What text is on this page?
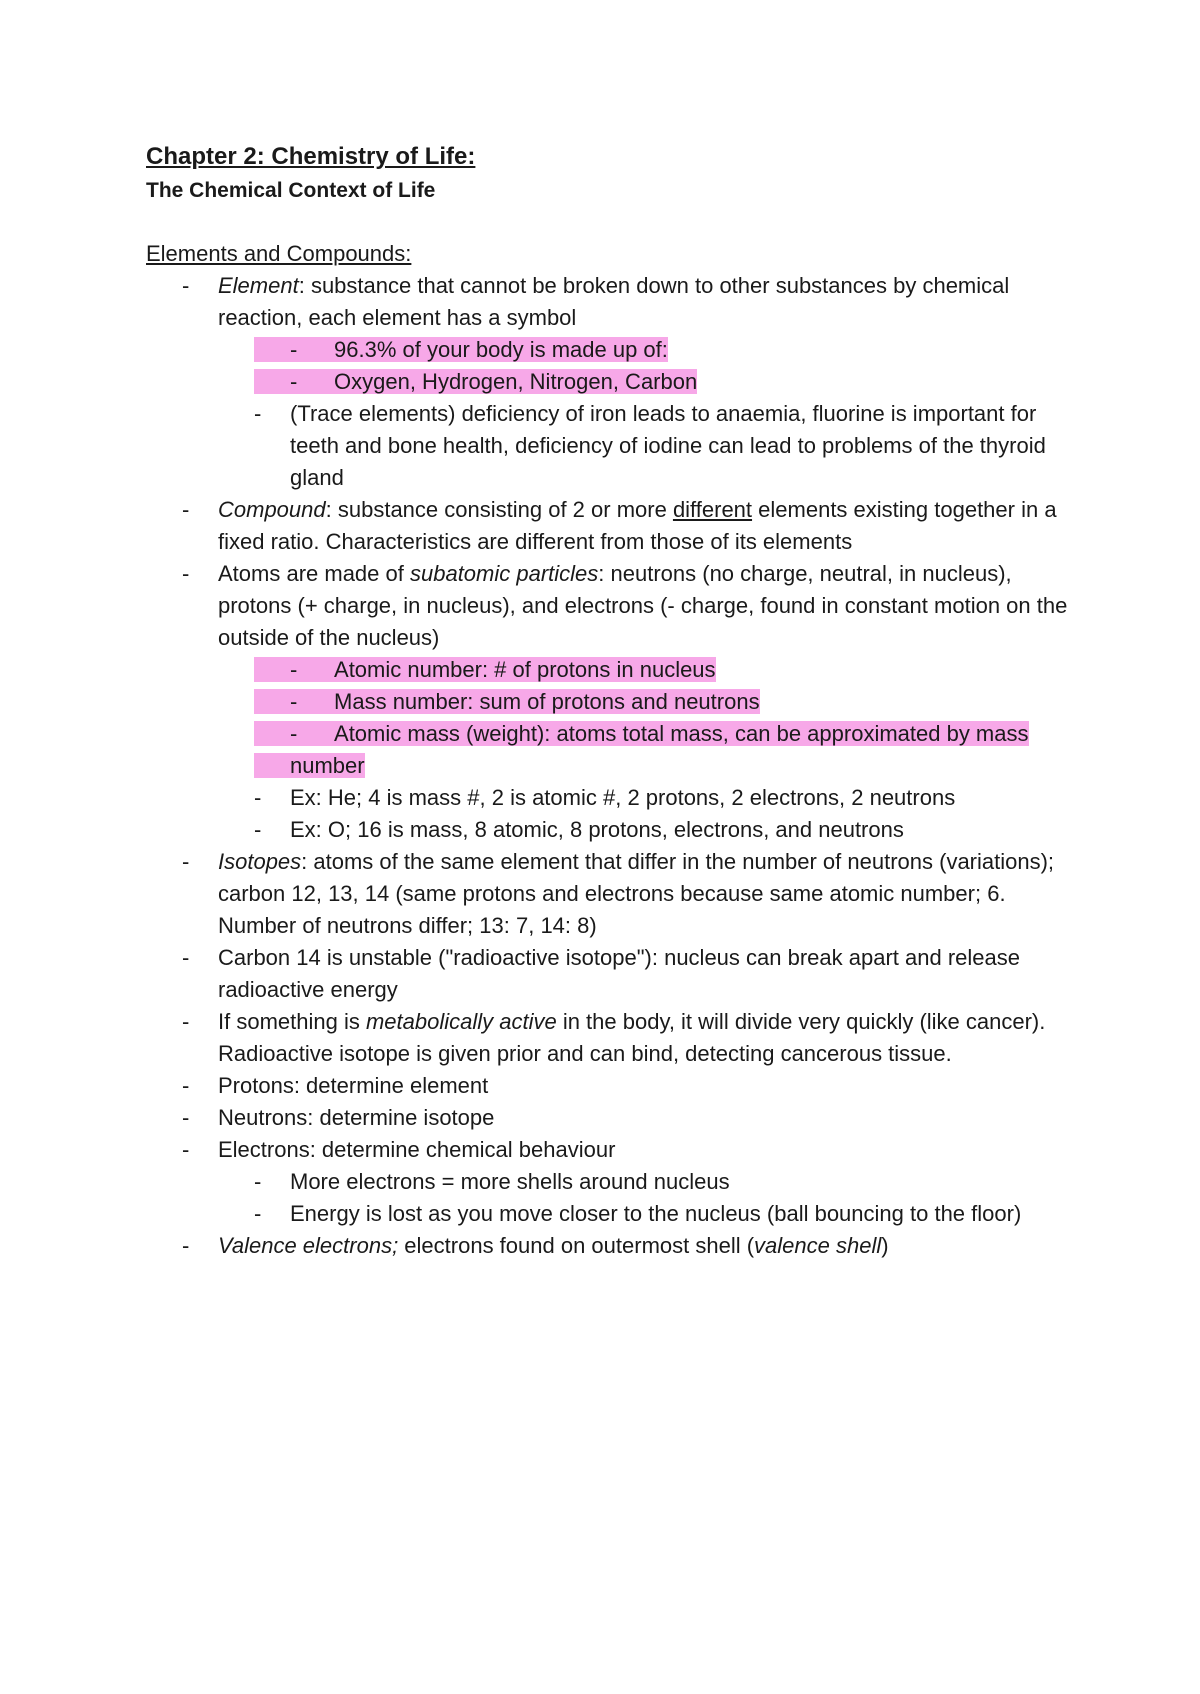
Chapter 2: Chemistry of Life:

The Chemical Context of Life

Elements and Compounds:

- Element: substance that cannot be broken down to other substances by chemical reaction, each element has a symbol
- 96.3% of your body is made up of:
- Oxygen, Hydrogen, Nitrogen, Carbon
- (Trace elements) deficiency of iron leads to anaemia, fluorine is important for teeth and bone health, deficiency of iodine can lead to problems of the thyroid gland
- Compound: substance consisting of 2 or more different elements existing together in a fixed ratio. Characteristics are different from those of its elements
- Atoms are made of subatomic particles: neutrons (no charge, neutral, in nucleus), protons (+ charge, in nucleus), and electrons (- charge, found in constant motion on the outside of the nucleus)
- Atomic number: # of protons in nucleus
- Mass number: sum of protons and neutrons
- Atomic mass (weight): atoms total mass, can be approximated by mass number
- Ex: He; 4 is mass #, 2 is atomic #, 2 protons, 2 electrons, 2 neutrons
- Ex: O; 16 is mass, 8 atomic, 8 protons, electrons, and neutrons
- Isotopes: atoms of the same element that differ in the number of neutrons (variations); carbon 12, 13, 14 (same protons and electrons because same atomic number; 6. Number of neutrons differ; 13: 7, 14: 8)
- Carbon 14 is unstable ("radioactive isotope"): nucleus can break apart and release radioactive energy
- If something is metabolically active in the body, it will divide very quickly (like cancer). Radioactive isotope is given prior and can bind, detecting cancerous tissue.
- Protons: determine element
- Neutrons: determine isotope
- Electrons: determine chemical behaviour
- More electrons = more shells around nucleus
- Energy is lost as you move closer to the nucleus (ball bouncing to the floor)
- Valence electrons; electrons found on outermost shell (valence shell)
